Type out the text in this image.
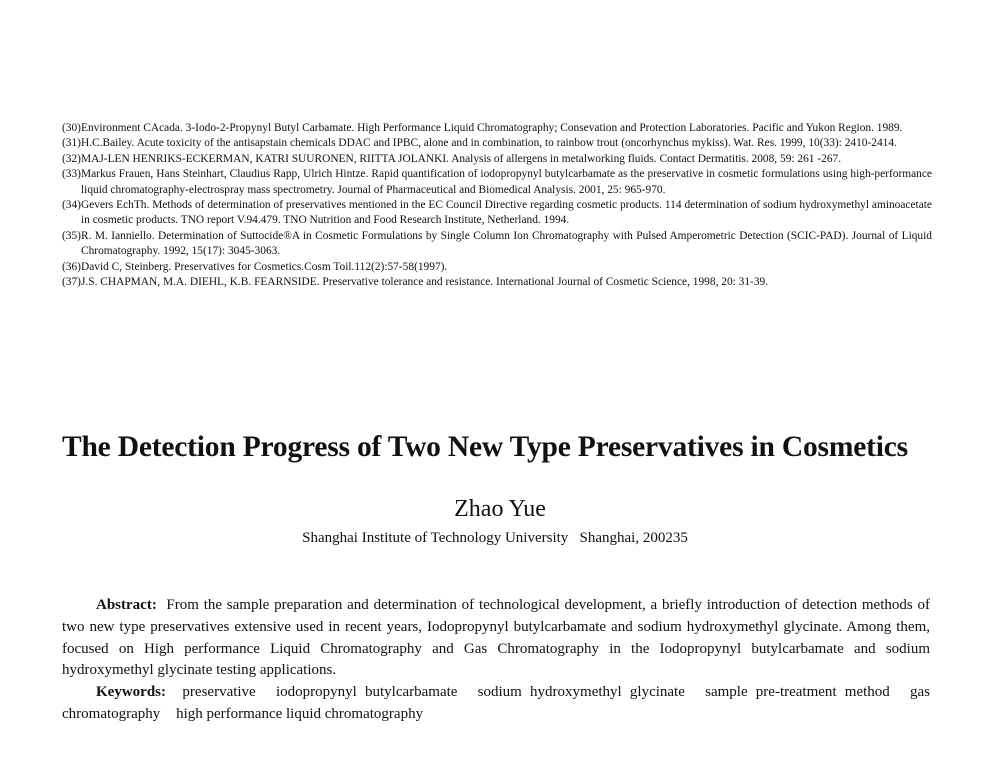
(30) Environment CAcada. 3-Iodo-2-Propynyl Butyl Carbamate. High Performance Liquid Chromatography; Consevation and Protection Laboratories. Pacific and Yukon Region. 1989.
(31) H.C.Bailey. Acute toxicity of the antisapstain chemicals DDAC and IPBC, alone and in combination, to rainbow trout (oncorhynchus mykiss). Wat. Res. 1999, 10(33): 2410-2414.
(32) MAJ-LEN HENRIKS-ECKERMAN, KATRI SUURONEN, RIITTA JOLANKI. Analysis of allergens in metalworking fluids. Contact Dermatitis. 2008, 59: 261 -267.
(33) Markus Frauen, Hans Steinhart, Claudius Rapp, Ulrich Hintze. Rapid quantification of iodopropynyl butylcarbamate as the preservative in cosmetic formulations using high-performance liquid chromatography-electrospray mass spectrometry. Journal of Pharmaceutical and Biomedical Analysis. 2001, 25: 965-970.
(34) Gevers EchTh. Methods of determination of preservatives mentioned in the EC Council Directive regarding cosmetic products. 114 determination of sodium hydroxymethyl aminoacetate in cosmetic products. TNO report V.94.479. TNO Nutrition and Food Research Institute, Netherland. 1994.
(35) R. M. Ianniello. Determination of Suttocide®A in Cosmetic Formulations by Single Column Ion Chromatography with Pulsed Amperometric Detection (SCIC-PAD). Journal of Liquid Chromatography. 1992, 15(17): 3045-3063.
(36) David C, Steinberg. Preservatives for Cosmetics.Cosm Toil.112(2):57-58(1997).
(37) J.S. CHAPMAN, M.A. DIEHL, K.B. FEARNSIDE. Preservative tolerance and resistance. International Journal of Cosmetic Science, 1998, 20: 31-39.
The Detection Progress of Two New Type Preservatives in Cosmetics

Zhao Yue

Shanghai Institute of Technology University   Shanghai, 200235

Abstract: From the sample preparation and determination of technological development, a briefly introduction of detection methods of two new type preservatives extensive used in recent years, Iodopropynyl butylcarbamate and sodium hydroxymethyl glycinate. Among them, focused on High performance Liquid Chromatography and Gas Chromatography in the Iodopropynyl butylcarbamate and sodium hydroxymethyl glycinate testing applications.

Keywords: preservative iodopropynyl butylcarbamate sodium hydroxymethyl glycinate sample pre-treatment method gas chromatography high performance liquid chromatography
